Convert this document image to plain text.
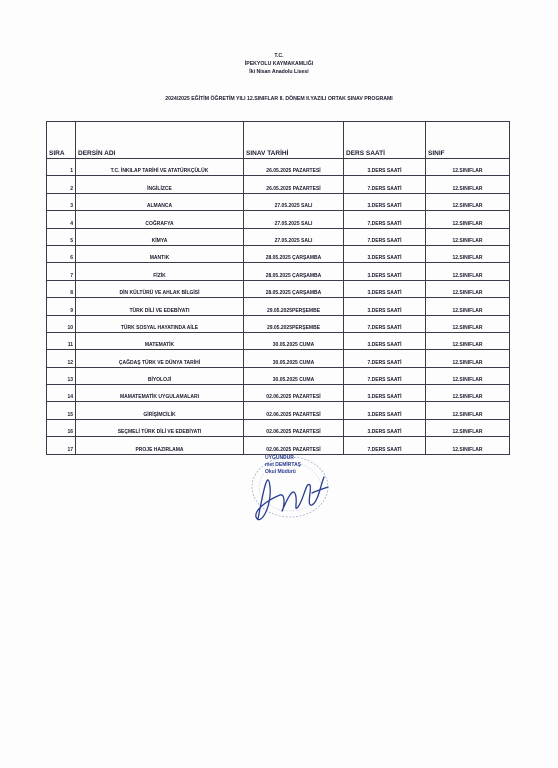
T.C.
İPEKYOLU KAYMAKAMLIĞI
İki Nisan Anadolu Lisesi
2024/2025 EĞİTİM ÖĞRETİM YILI 12.SINIFLAR II. DÖNEM II.YAZILI ORTAK SINAV PROGRAMI
SIRA	DERSİN ADI	SINAV TARİHİ	DERS SAATİ	SINIF
1	T.C. İNKILAP TARİHİ VE ATATÜRKÇÜLÜK	26.05.2025 PAZARTESİ	3.DERS SAATİ	12.SINIFLAR
2	İNGİLİZCE	26.05.2025 PAZARTESİ	7.DERS SAATİ	12.SINIFLAR
3	ALMANCA	27.05.2025 SALI	3.DERS SAATİ	12.SINIFLAR
4	COĞRAFYA	27.05.2025 SALI	7.DERS SAATİ	12.SINIFLAR
5	KİMYA	27.05.2025 SALI	7.DERS SAATİ	12.SINIFLAR
6	MANTIK	28.05.2025 ÇARŞAMBA	3.DERS SAATİ	12.SINIFLAR
7	FİZİK	28.05.2025 ÇARŞAMBA	3.DERS SAATİ	12.SINIFLAR
8	DİN KÜLTÜRÜ VE AHLAK BİLGİSİ	28.05.2025 ÇARŞAMBA	3.DERS SAATİ	12.SINIFLAR
9	TÜRK DİLİ VE EDEBİYATI	29.05.2025PERŞEMBE	3.DERS SAATİ	12.SINIFLAR
10	TÜRK SOSYAL HAYATINDA AİLE	29.05.2025PERŞEMBE	7.DERS SAATİ	12.SINIFLAR
11	MATEMATİK	30.05.2025 CUMA	3.DERS SAATİ	12.SINIFLAR
12	ÇAĞDAŞ TÜRK VE DÜNYA TARİHİ	30.05.2025 CUMA	7.DERS SAATİ	12.SINIFLAR
13	BİYOLOJİ	30.05.2025 CUMA	7.DERS SAATİ	12.SINIFLAR
14	MAMATEMATİK UYGULAMALARI	02.06.2025 PAZARTESİ	3.DERS SAATİ	12.SINIFLAR
15	GİRİŞİMCİLİK	02.06.2025 PAZARTESİ	3.DERS SAATİ	12.SINIFLAR
16	SEÇMELİ TÜRK DİLİ VE EDEBİYATI	02.06.2025 PAZARTESİ	3.DERS SAATİ	12.SINIFLAR
17	PROJE HAZIRLAMA	02.06.2025 PAZARTESİ	7.DERS SAATİ	12.SINIFLAR
UYGUNDUR
met DEMİRTAŞ
Okul Müdürü
